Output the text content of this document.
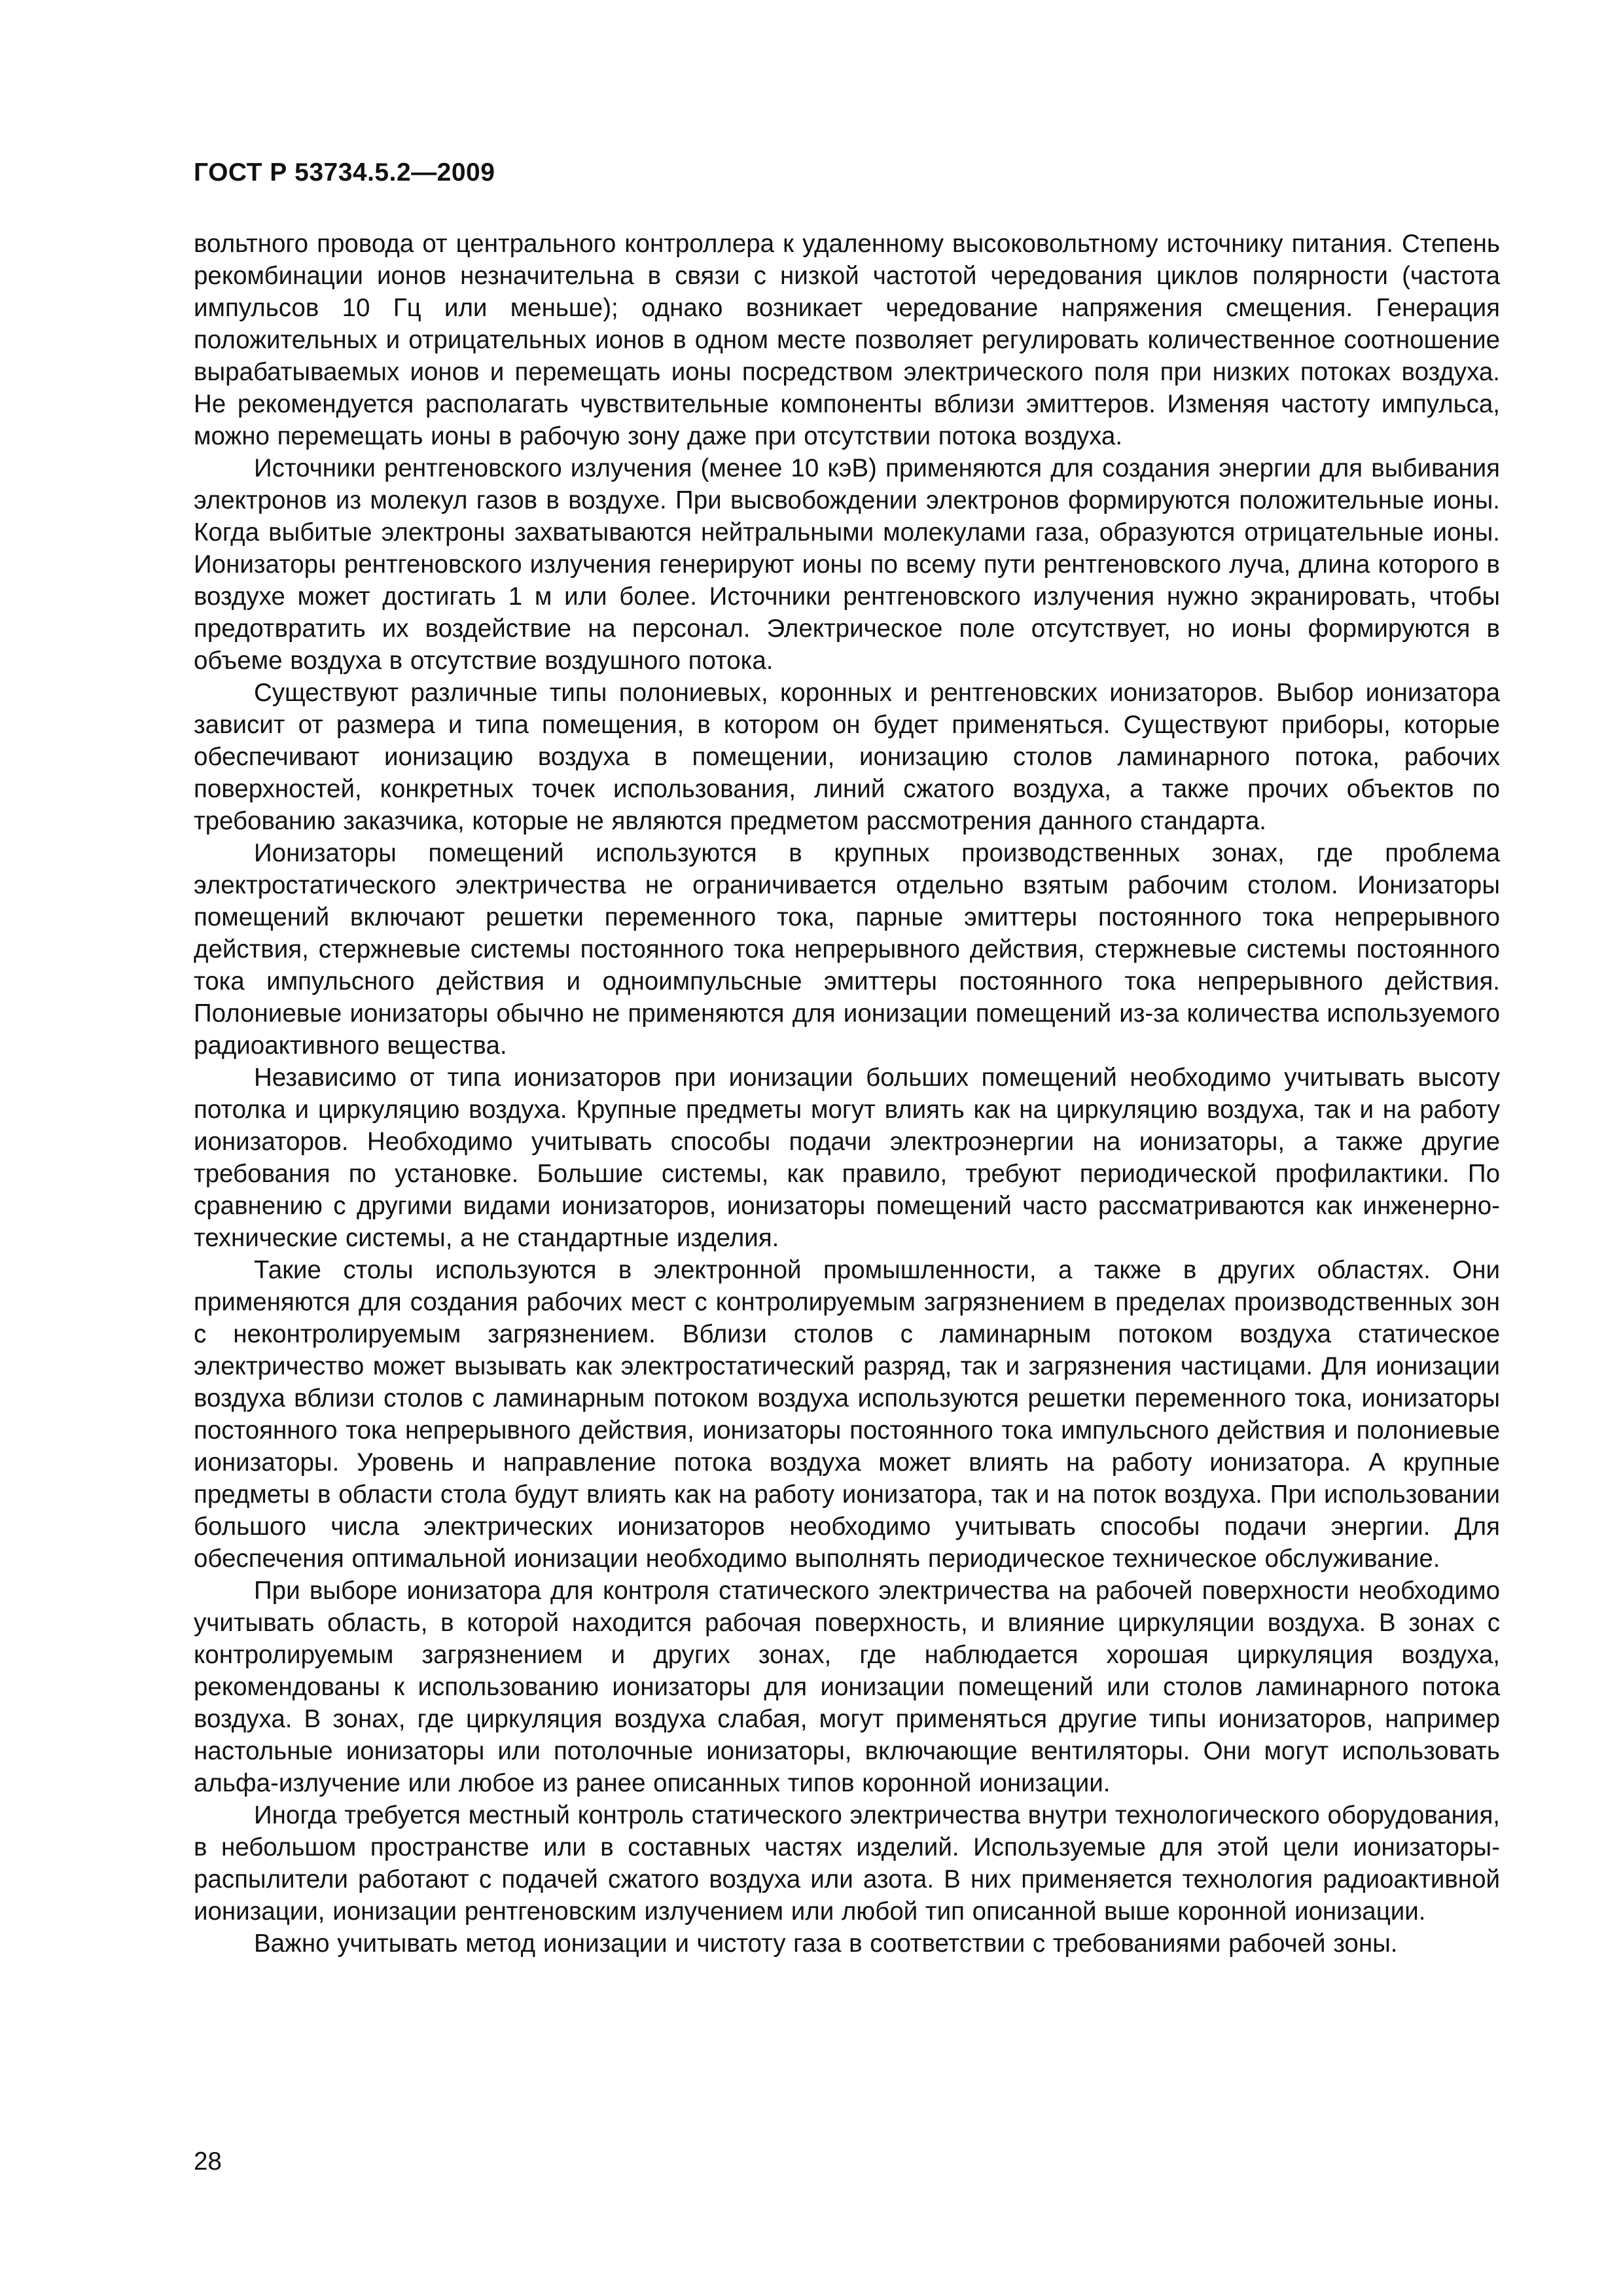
ГОСТ Р 53734.5.2—2009

вольтного провода от центрального контроллера к удаленному высоковольтному источнику питания. Степень рекомбинации ионов незначительна в связи с низкой частотой чередования циклов полярности (частота импульсов 10 Гц или меньше); однако возникает чередование напряжения смещения. Генерация положительных и отрицательных ионов в одном месте позволяет регулировать количественное соотношение вырабатываемых ионов и перемещать ионы посредством электрического поля при низких потоках воздуха. Не рекомендуется располагать чувствительные компоненты вблизи эмиттеров. Изменяя частоту импульса, можно перемещать ионы в рабочую зону даже при отсутствии потока воздуха.

Источники рентгеновского излучения (менее 10 кэВ) применяются для создания энергии для выбивания электронов из молекул газов в воздухе. При высвобождении электронов формируются положительные ионы. Когда выбитые электроны захватываются нейтральными молекулами газа, образуются отрицательные ионы. Ионизаторы рентгеновского излучения генерируют ионы по всему пути рентгеновского луча, длина которого в воздухе может достигать 1 м или более. Источники рентгеновского излучения нужно экранировать, чтобы предотвратить их воздействие на персонал. Электрическое поле отсутствует, но ионы формируются в объеме воздуха в отсутствие воздушного потока.

Существуют различные типы полониевых, коронных и рентгеновских ионизаторов. Выбор ионизатора зависит от размера и типа помещения, в котором он будет применяться. Существуют приборы, которые обеспечивают ионизацию воздуха в помещении, ионизацию столов ламинарного потока, рабочих поверхностей, конкретных точек использования, линий сжатого воздуха, а также прочих объектов по требованию заказчика, которые не являются предметом рассмотрения данного стандарта.

Ионизаторы помещений используются в крупных производственных зонах, где проблема электростатического электричества не ограничивается отдельно взятым рабочим столом. Ионизаторы помещений включают решетки переменного тока, парные эмиттеры постоянного тока непрерывного действия, стержневые системы постоянного тока непрерывного действия, стержневые системы постоянного тока импульсного действия и одноимпульсные эмиттеры постоянного тока непрерывного действия. Полониевые ионизаторы обычно не применяются для ионизации помещений из-за количества используемого радиоактивного вещества.

Независимо от типа ионизаторов при ионизации больших помещений необходимо учитывать высоту потолка и циркуляцию воздуха. Крупные предметы могут влиять как на циркуляцию воздуха, так и на работу ионизаторов. Необходимо учитывать способы подачи электроэнергии на ионизаторы, а также другие требования по установке. Большие системы, как правило, требуют периодической профилактики. По сравнению с другими видами ионизаторов, ионизаторы помещений часто рассматриваются как инженерно-технические системы, а не стандартные изделия.

Такие столы используются в электронной промышленности, а также в других областях. Они применяются для создания рабочих мест с контролируемым загрязнением в пределах производственных зон с неконтролируемым загрязнением. Вблизи столов с ламинарным потоком воздуха статическое электричество может вызывать как электростатический разряд, так и загрязнения частицами. Для ионизации воздуха вблизи столов с ламинарным потоком воздуха используются решетки переменного тока, ионизаторы постоянного тока непрерывного действия, ионизаторы постоянного тока импульсного действия и полониевые ионизаторы. Уровень и направление потока воздуха может влиять на работу ионизатора. А крупные предметы в области стола будут влиять как на работу ионизатора, так и на поток воздуха. При использовании большого числа электрических ионизаторов необходимо учитывать способы подачи энергии. Для обеспечения оптимальной ионизации необходимо выполнять периодическое техническое обслуживание.

При выборе ионизатора для контроля статического электричества на рабочей поверхности необходимо учитывать область, в которой находится рабочая поверхность, и влияние циркуляции воздуха. В зонах с контролируемым загрязнением и других зонах, где наблюдается хорошая циркуляция воздуха, рекомендованы к использованию ионизаторы для ионизации помещений или столов ламинарного потока воздуха. В зонах, где циркуляция воздуха слабая, могут применяться другие типы ионизаторов, например настольные ионизаторы или потолочные ионизаторы, включающие вентиляторы. Они могут использовать альфа-излучение или любое из ранее описанных типов коронной ионизации.

Иногда требуется местный контроль статического электричества внутри технологического оборудования, в небольшом пространстве или в составных частях изделий. Используемые для этой цели ионизаторы-распылители работают с подачей сжатого воздуха или азота. В них применяется технология радиоактивной ионизации, ионизации рентгеновским излучением или любой тип описанной выше коронной ионизации.

Важно учитывать метод ионизации и чистоту газа в соответствии с требованиями рабочей зоны.

28
